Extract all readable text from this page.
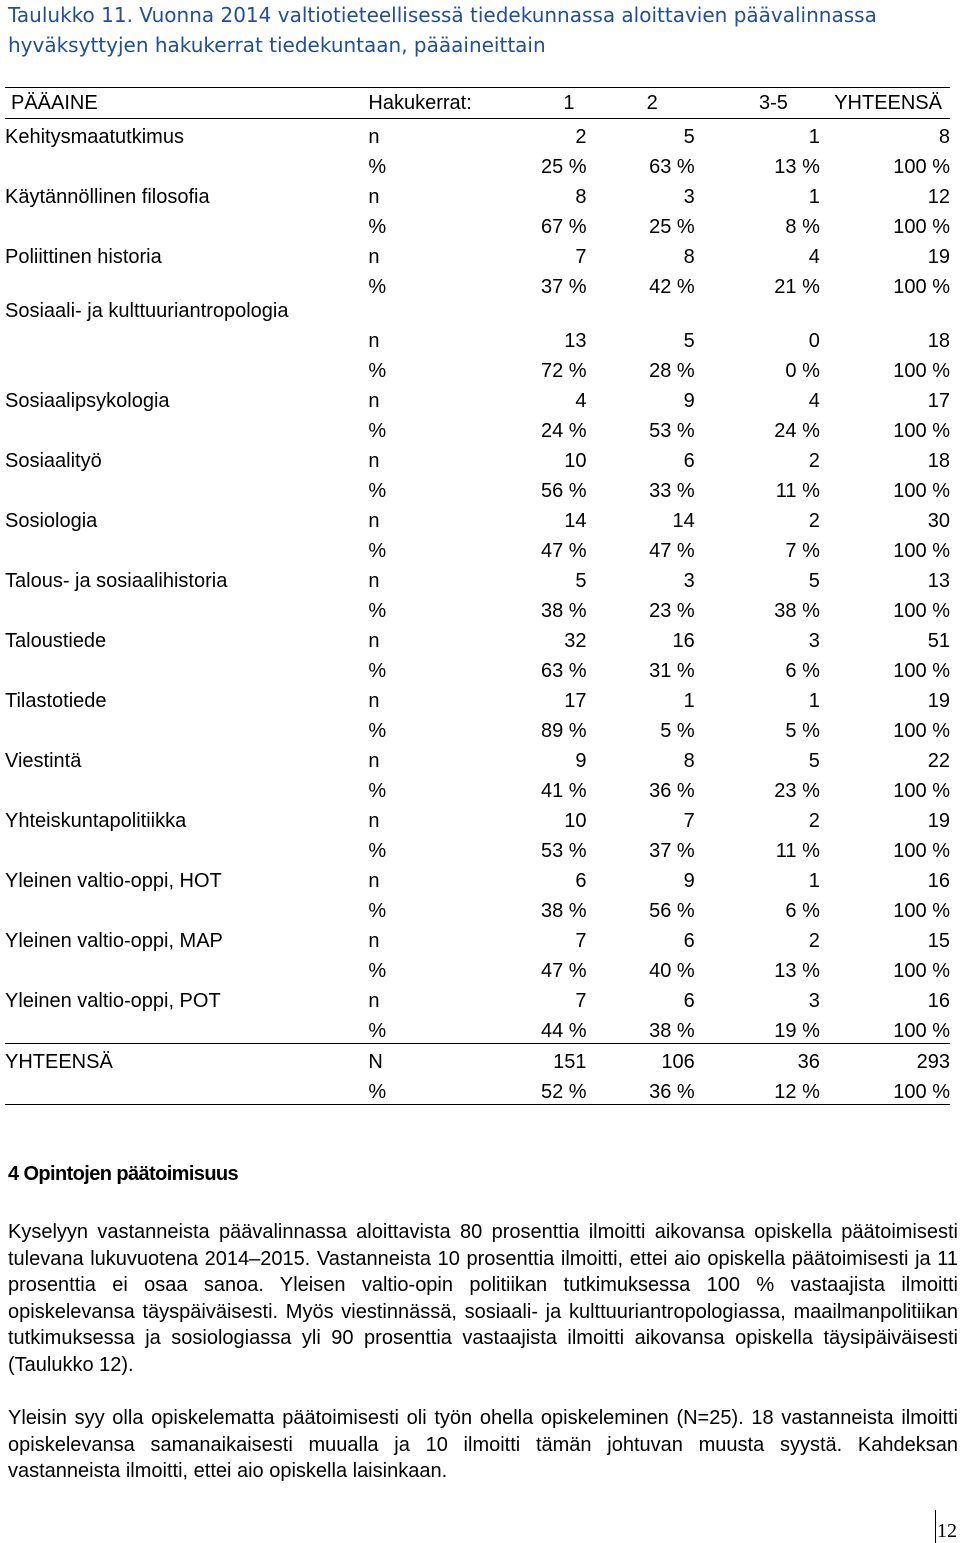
Taulukko 11. Vuonna 2014 valtiotieteellisessä tiedekunnassa aloittavien päävalinnassa hyväksyttyjen hakukerrat tiedekuntaan, pääaineittain
PÄÄAINE	Hakukerrat:	1	2	3-5	YHTEENSÄ
Kehitysmaatutkimus	n	2	5	1	8
	%	25 %	63 %	13 %	100 %
Käytännöllinen filosofia	n	8	3	1	12
	%	67 %	25 %	8 %	100 %
Poliittinen historia	n	7	8	4	19
	%	37 %	42 %	21 %	100 %
Sosiaali- ja kulttuuriantropologia	n	13	5	0	18
	%	72 %	28 %	0 %	100 %
Sosiaalipsykologia	n	4	9	4	17
	%	24 %	53 %	24 %	100 %
Sosiaalityö	n	10	6	2	18
	%	56 %	33 %	11 %	100 %
Sosiologia	n	14	14	2	30
	%	47 %	47 %	7 %	100 %
Talous- ja sosiaalihistoria	n	5	3	5	13
	%	38 %	23 %	38 %	100 %
Taloustiede	n	32	16	3	51
	%	63 %	31 %	6 %	100 %
Tilastotiede	n	17	1	1	19
	%	89 %	5 %	5 %	100 %
Viestintä	n	9	8	5	22
	%	41 %	36 %	23 %	100 %
Yhteiskuntapolitiikka	n	10	7	2	19
	%	53 %	37 %	11 %	100 %
Yleinen valtio-oppi, HOT	n	6	9	1	16
	%	38 %	56 %	6 %	100 %
Yleinen valtio-oppi, MAP	n	7	6	2	15
	%	47 %	40 %	13 %	100 %
Yleinen valtio-oppi, POT	n	7	6	3	16
	%	44 %	38 %	19 %	100 %
YHTEENSÄ	N	151	106	36	293
	%	52 %	36 %	12 %	100 %
4 Opintojen päätoimisuus
Kyselyyn vastanneista päävalinnassa aloittavista 80 prosenttia ilmoitti aikovansa opiskella päätoimisesti tulevana lukuvuotena 2014–2015. Vastanneista 10 prosenttia ilmoitti, ettei aio opiskella päätoimisesti ja 11 prosenttia ei osaa sanoa. Yleisen valtio-opin politiikan tutkimuksessa 100 % vastaajista ilmoitti opiskelevansa täyspäiväisesti. Myös viestinnässä, sosiaali- ja kulttuuriantropologiassa, maailmanpolitiikan tutkimuksessa ja sosiologiassa yli 90 prosenttia vastaajista ilmoitti aikovansa opiskella täysipäiväisesti (Taulukko 12).
Yleisin syy olla opiskelematta päätoimisesti oli työn ohella opiskeleminen (N=25). 18 vastanneista ilmoitti opiskelevansa samanaikaisesti muualla ja 10 ilmoitti tämän johtuvan muusta syystä. Kahdeksan vastanneista ilmoitti, ettei aio opiskella laisinkaan.
12
